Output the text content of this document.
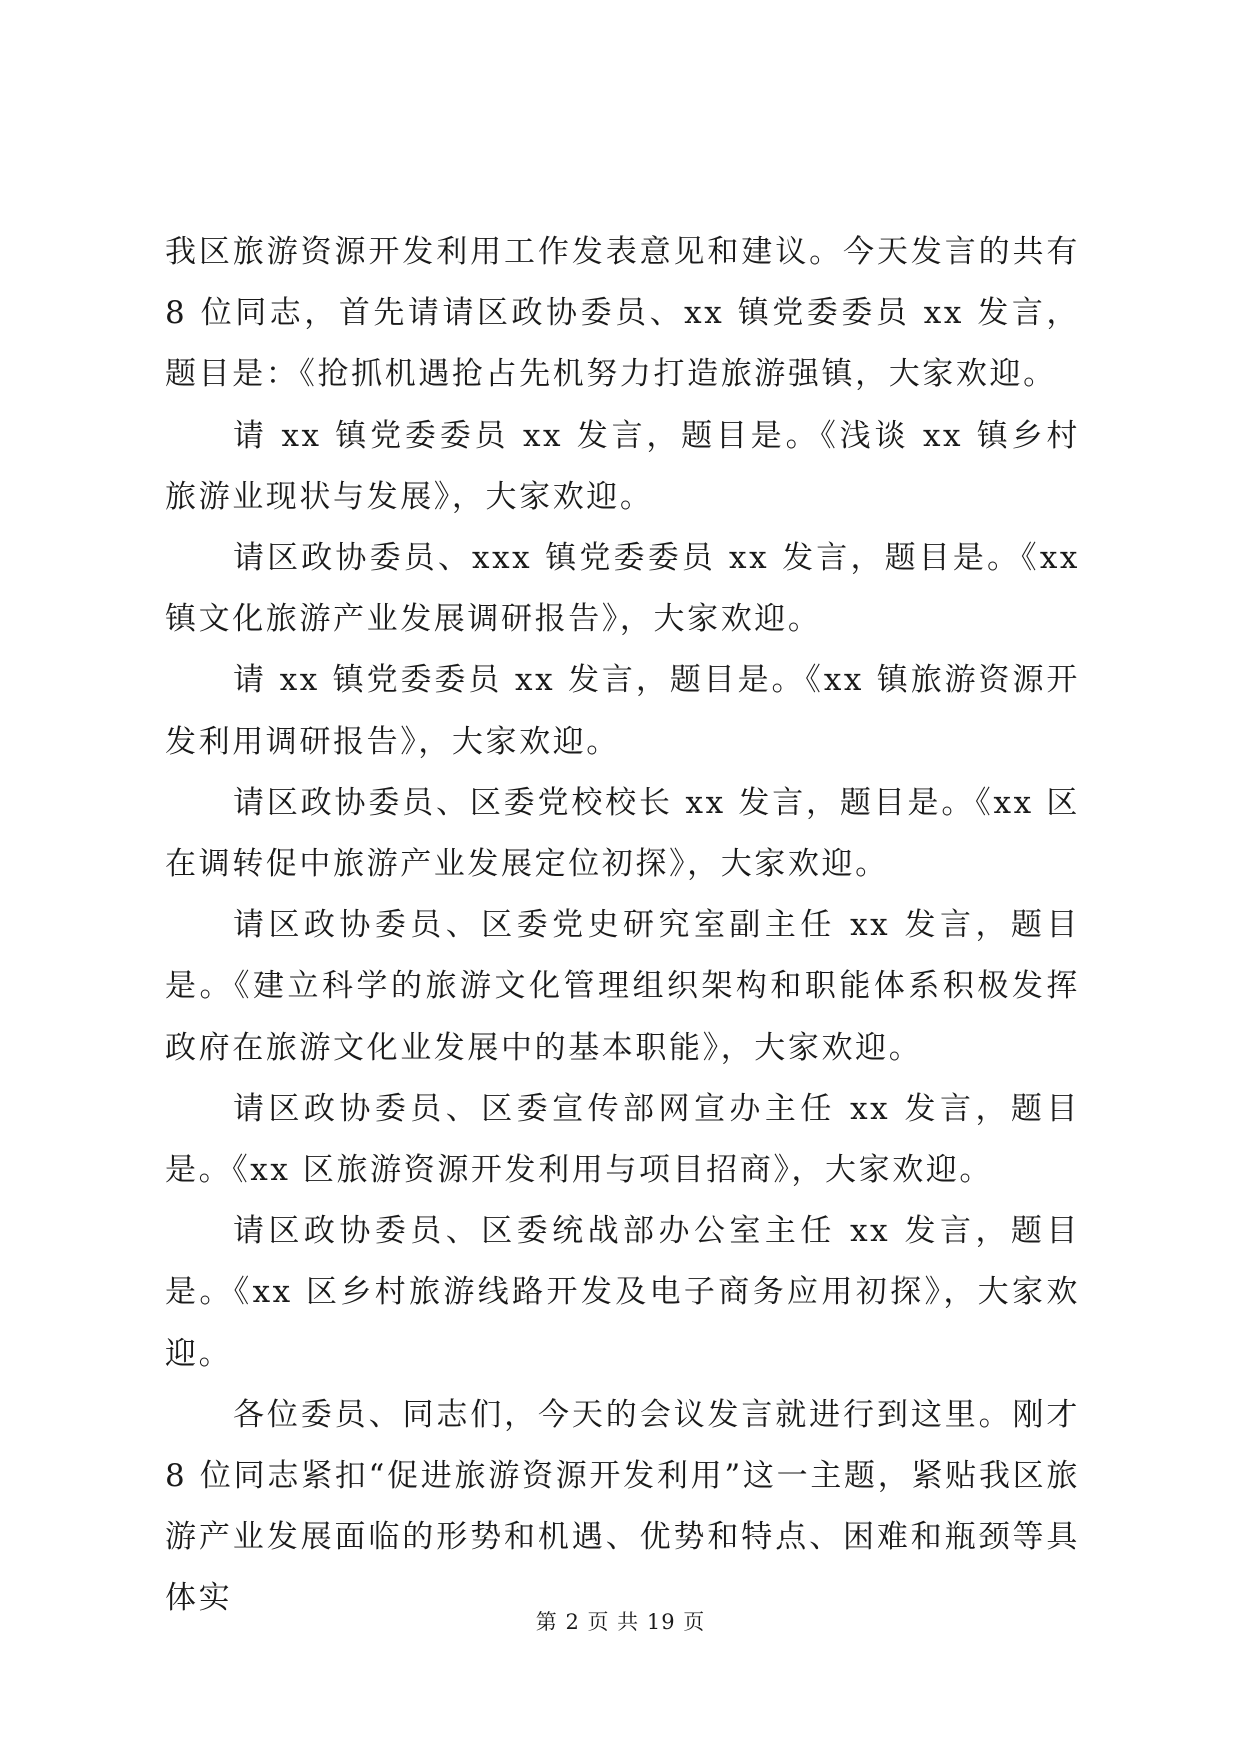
我区旅游资源开发利用工作发表意见和建议。今天发言的共有 8 位同志，首先请请区政协委员、xx 镇党委委员 xx 发言，题目是：《抢抓机遇抢占先机努力打造旅游强镇，大家欢迎。

请 xx 镇党委委员 xx 发言，题目是。《浅谈 xx 镇乡村旅游业现状与发展》，大家欢迎。

请区政协委员、xxx 镇党委委员 xx 发言，题目是。《xx 镇文化旅游产业发展调研报告》，大家欢迎。

请 xx 镇党委委员 xx 发言，题目是。《xx 镇旅游资源开发利用调研报告》，大家欢迎。

请区政协委员、区委党校校长 xx 发言，题目是。《xx 区在调转促中旅游产业发展定位初探》，大家欢迎。

请区政协委员、区委党史研究室副主任 xx 发言，题目是。《建立科学的旅游文化管理组织架构和职能体系积极发挥政府在旅游文化业发展中的基本职能》，大家欢迎。

请区政协委员、区委宣传部网宣办主任 xx 发言，题目是。《xx 区旅游资源开发利用与项目招商》，大家欢迎。

请区政协委员、区委统战部办公室主任 xx 发言，题目是。《xx 区乡村旅游线路开发及电子商务应用初探》，大家欢迎。

各位委员、同志们，今天的会议发言就进行到这里。刚才 8 位同志紧扣“促进旅游资源开发利用”这一主题，紧贴我区旅游产业发展面临的形势和机遇、优势和特点、困难和瓶颈等具体实

第 2 页 共 19 页
